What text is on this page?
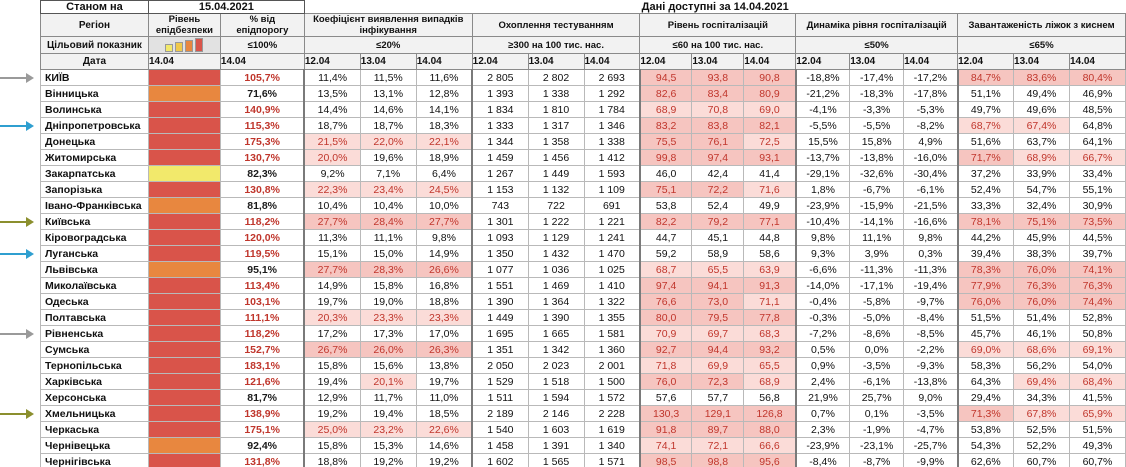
	Станом на	15.04.2021		Дані доступні за 14.04.2021														
	Регіон	Рівень епідбезпеки	% від епідпорогу	Коефіцієнт виявлення випадків інфікування			Охоплення тестуванням			Рівень госпіталізацій			Динаміка рівня госпіталізацій			Завантаженість ліжок з киснем		
	Цільовий показник		≤100%	≤20%			≥300 на 100 тис. нас.			≤60 на 100 тис. нас.			≤50%			≤65%		
	Дата	14.04	14.04	12.04	13.04	14.04	12.04	13.04	14.04	12.04	13.04	14.04	12.04	13.04	14.04	12.04	13.04	14.04

	КИЇВ		105,7%	11,4%	11,5%	11,6%	2 805	2 802	2 693	94,5	93,8	90,8	-18,8%	-17,4%	-17,2%	84,7%	83,6%	80,4%
	Вінницька		71,6%	13,5%	13,1%	12,8%	1 393	1 338	1 292	82,6	83,4	80,9	-21,2%	-18,3%	-17,8%	51,1%	49,4%	46,9%
	Волинська		140,9%	14,4%	14,6%	14,1%	1 834	1 810	1 784	68,9	70,8	69,0	-4,1%	-3,3%	-5,3%	49,7%	49,6%	48,5%

	Дніпропетровська		115,3%	18,7%	18,7%	18,3%	1 333	1 317	1 346	83,2	83,8	82,1	-5,5%	-5,5%	-8,2%	68,7%	67,4%	64,8%
	Донецька		175,3%	21,5%	22,0%	22,1%	1 344	1 358	1 338	75,5	76,1	72,5	15,5%	15,8%	4,9%	51,6%	63,7%	64,1%
	Житомирська		130,7%	20,0%	19,6%	18,9%	1 459	1 456	1 412	99,8	97,4	93,1	-13,7%	-13,8%	-16,0%	71,7%	68,9%	66,7%
	Закарпатська		82,3%	9,2%	7,1%	6,4%	1 267	1 449	1 593	46,0	42,4	41,4	-29,1%	-32,6%	-30,4%	37,2%	33,9%	33,4%
	Запорізька		130,8%	22,3%	23,4%	24,5%	1 153	1 132	1 109	75,1	72,2	71,6	1,8%	-6,7%	-6,1%	52,4%	54,7%	55,1%
	Івано-Франківська		81,8%	10,4%	10,4%	10,0%	743	722	691	53,8	52,4	49,9	-23,9%	-15,9%	-21,5%	33,3%	32,4%	30,9%

	Київська		118,2%	27,7%	28,4%	27,7%	1 301	1 222	1 221	82,2	79,2	77,1	-10,4%	-14,1%	-16,6%	78,1%	75,1%	73,5%
	Кіровоградська		120,0%	11,3%	11,1%	9,8%	1 093	1 129	1 241	44,7	45,1	44,8	9,8%	11,1%	9,8%	44,2%	45,9%	44,5%

	Луганська		119,5%	15,1%	15,0%	14,9%	1 350	1 432	1 470	59,2	58,9	58,6	9,3%	3,9%	0,3%	39,4%	38,3%	39,7%
	Львівська		95,1%	27,7%	28,3%	26,6%	1 077	1 036	1 025	68,7	65,5	63,9	-6,6%	-11,3%	-11,3%	78,3%	76,0%	74,1%
	Миколаївська		113,4%	14,9%	15,8%	16,8%	1 551	1 469	1 410	97,4	94,1	91,3	-14,0%	-17,1%	-19,4%	77,9%	76,3%	76,3%
	Одеська		103,1%	19,7%	19,0%	18,8%	1 390	1 364	1 322	76,6	73,0	71,1	-0,4%	-5,8%	-9,7%	76,0%	76,0%	74,4%
	Полтавська		111,1%	20,3%	23,3%	23,3%	1 449	1 390	1 355	80,0	79,5	77,8	-0,3%	-5,0%	-8,4%	51,5%	51,4%	52,8%

	Рівненська		118,2%	17,2%	17,3%	17,0%	1 695	1 665	1 581	70,9	69,7	68,3	-7,2%	-8,6%	-8,5%	45,7%	46,1%	50,8%
	Сумська		152,7%	26,7%	26,0%	26,3%	1 351	1 342	1 360	92,7	94,4	93,2	0,5%	0,0%	-2,2%	69,0%	68,6%	69,1%
	Тернопільська		183,1%	15,8%	15,6%	13,8%	2 050	2 023	2 001	71,8	69,9	65,5	0,9%	-3,5%	-9,3%	58,3%	56,2%	54,0%
	Харківська		121,6%	19,4%	20,1%	19,7%	1 529	1 518	1 500	76,0	72,3	68,9	2,4%	-6,1%	-13,8%	64,3%	69,4%	68,4%
	Херсонська		81,7%	12,9%	11,7%	11,0%	1 511	1 594	1 572	57,6	57,7	56,8	21,9%	25,7%	9,0%	29,4%	34,3%	41,5%

	Хмельницька		138,9%	19,2%	19,4%	18,5%	2 189	2 146	2 228	130,3	129,1	126,8	0,7%	0,1%	-3,5%	71,3%	67,8%	65,9%
	Черкаська		175,1%	25,0%	23,2%	22,6%	1 540	1 603	1 619	91,8	89,7	88,0	2,3%	-1,9%	-4,7%	53,8%	52,5%	51,5%
	Чернівецька		92,4%	15,8%	15,3%	14,6%	1 458	1 391	1 340	74,1	72,1	66,6	-23,9%	-23,1%	-25,7%	54,3%	52,2%	49,3%
	Чернігівська		131,8%	18,8%	19,2%	19,2%	1 602	1 565	1 571	98,5	98,8	95,6	-8,4%	-8,7%	-9,9%	62,6%	60,7%	60,7%
